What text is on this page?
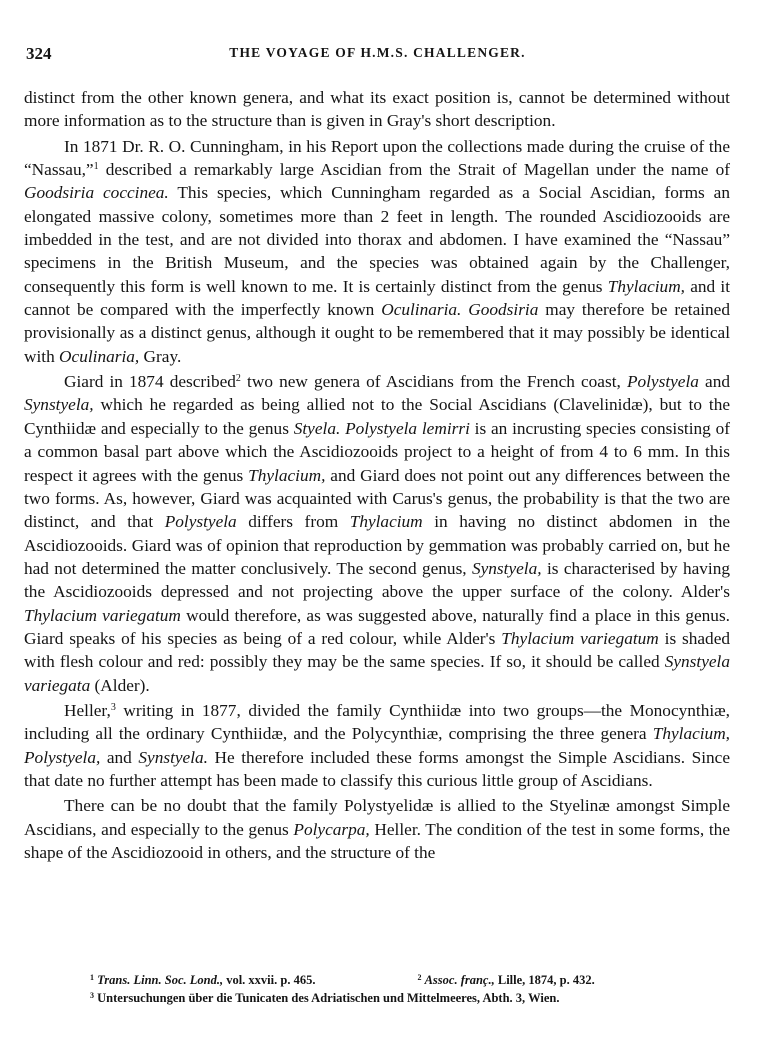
324	THE VOYAGE OF H.M.S. CHALLENGER.

distinct from the other known genera, and what its exact position is, cannot be determined without more information as to the structure than is given in Gray's short description.

In 1871 Dr. R. O. Cunningham, in his Report upon the collections made during the cruise of the “Nassau,”$^1$ described a remarkably large Ascidian from the Strait of Magellan under the name of Goodsiria coccinea. This species, which Cunningham regarded as a Social Ascidian, forms an elongated massive colony, sometimes more than 2 feet in length. The rounded Ascidiozooids are imbedded in the test, and are not divided into thorax and abdomen. I have examined the “Nassau” specimens in the British Museum, and the species was obtained again by the Challenger, consequently this form is well known to me. It is certainly distinct from the genus Thylacium, and it cannot be compared with the imperfectly known Oculinaria. Goodsiria may therefore be retained provisionally as a distinct genus, although it ought to be remembered that it may possibly be identical with Oculinaria, Gray.

Giard in 1874 described$^2$ two new genera of Ascidians from the French coast, Polystyela and Synstyela, which he regarded as being allied not to the Social Ascidians (Clavelinidæ), but to the Cynthiidæ and especially to the genus Styela. Polystyela lemirri is an incrusting species consisting of a common basal part above which the Ascidiozooids project to a height of from 4 to 6 mm. In this respect it agrees with the genus Thylacium, and Giard does not point out any differences between the two forms. As, however, Giard was acquainted with Carus's genus, the probability is that the two are distinct, and that Polystyela differs from Thylacium in having no distinct abdomen in the Ascidiozooids. Giard was of opinion that reproduction by gemmation was probably carried on, but he had not determined the matter conclusively. The second genus, Synstyela, is characterised by having the Ascidiozooids depressed and not projecting above the upper surface of the colony. Alder's Thylacium variegatum would therefore, as was suggested above, naturally find a place in this genus. Giard speaks of his species as being of a red colour, while Alder's Thylacium variegatum is shaded with flesh colour and red: possibly they may be the same species. If so, it should be called Synstyela variegata (Alder).

Heller,$^3$ writing in 1877, divided the family Cynthiidæ into two groups—the Monocynthiæ, including all the ordinary Cynthiidæ, and the Polycynthiæ, comprising the three genera Thylacium, Polystyela, and Synstyela. He therefore included these forms amongst the Simple Ascidians. Since that date no further attempt has been made to classify this curious little group of Ascidians.

There can be no doubt that the family Polystyelidæ is allied to the Styelinæ amongst Simple Ascidians, and especially to the genus Polycarpa, Heller. The condition of the test in some forms, the shape of the Ascidiozooid in others, and the structure of the

$^1$ Trans. Linn. Soc. Lond., vol. xxvii. p. 465.	$^2$ Assoc. franç., Lille, 1874, p. 432.
$^3$ Untersuchungen über die Tunicaten des Adriatischen und Mittelmeeres, Abth. 3, Wien.
